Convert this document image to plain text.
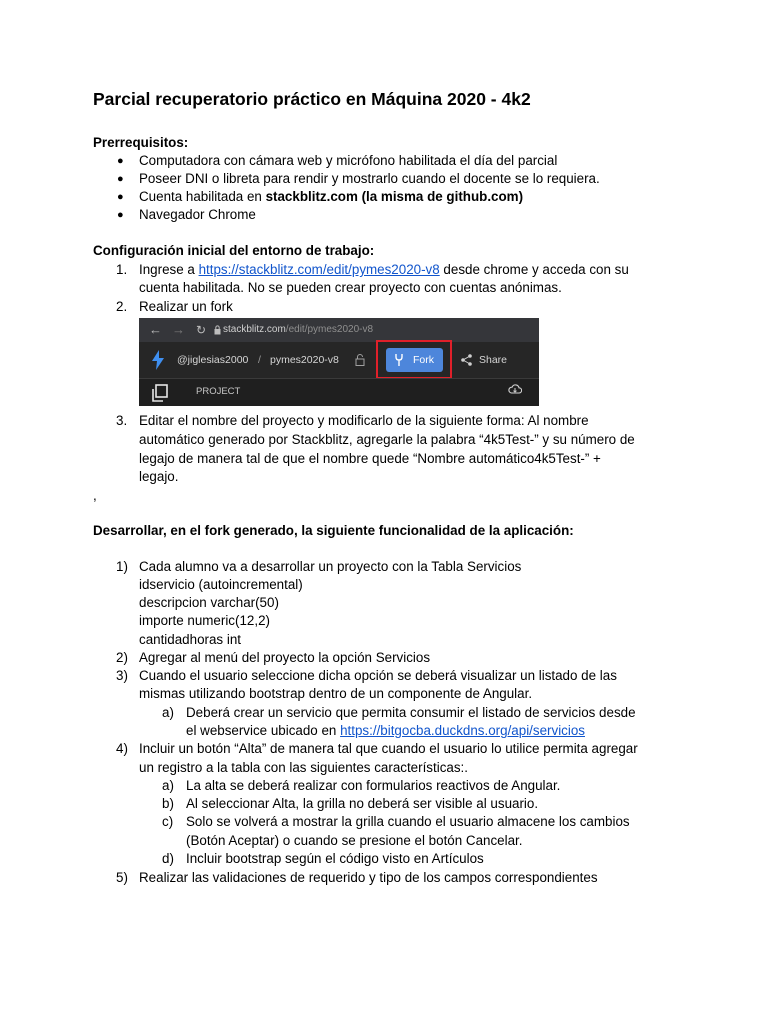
Parcial recuperatorio práctico en Máquina 2020 - 4k2
Prerrequisitos:
● Computadora con cámara web y micrófono habilitada el día del parcial
● Poseer DNI o libreta para rendir y mostrarlo cuando el docente se lo requiera.
● Cuenta habilitada en stackblitz.com (la misma de github.com)
● Navegador Chrome
Configuración inicial del entorno de trabajo:
1. Ingrese a https://stackblitz.com/edit/pymes2020-v8 desde chrome y acceda con su
cuenta habilitada. No se pueden crear proyecto con cuentas anónimas.
2. Realizar un fork
← → ↻ stackblitz.com/edit/pymes2020-v8
@jiglesias2000 / pymes2020-v8	Fork	Share
PROJECT
3. Editar el nombre del proyecto y modificarlo de la siguiente forma: Al nombre
automático generado por Stackblitz, agregarle la palabra “4k5Test-” y su número de
legajo de manera tal de que el nombre quede “Nombre automático4k5Test-” +
legajo.
,
Desarrollar, en el fork generado, la siguiente funcionalidad de la aplicación:
1) Cada alumno va a desarrollar un proyecto con la Tabla Servicios
idservicio (autoincremental)
descripcion varchar(50)
importe numeric(12,2)
cantidadhoras int
2) Agregar al menú del proyecto la opción Servicios
3) Cuando el usuario seleccione dicha opción se deberá visualizar un listado de las
mismas utilizando bootstrap dentro de un componente de Angular.
a) Deberá crear un servicio que permita consumir el listado de servicios desde
el webservice ubicado en https://bitgocba.duckdns.org/api/servicios
4) Incluir un botón “Alta” de manera tal que cuando el usuario lo utilice permita agregar
un registro a la tabla con las siguientes características:.
a) La alta se deberá realizar con formularios reactivos de Angular.
b) Al seleccionar Alta, la grilla no deberá ser visible al usuario.
c) Solo se volverá a mostrar la grilla cuando el usuario almacene los cambios
(Botón Aceptar) o cuando se presione el botón Cancelar.
d) Incluir bootstrap según el código visto en Artículos
5) Realizar las validaciones de requerido y tipo de los campos correspondientes
